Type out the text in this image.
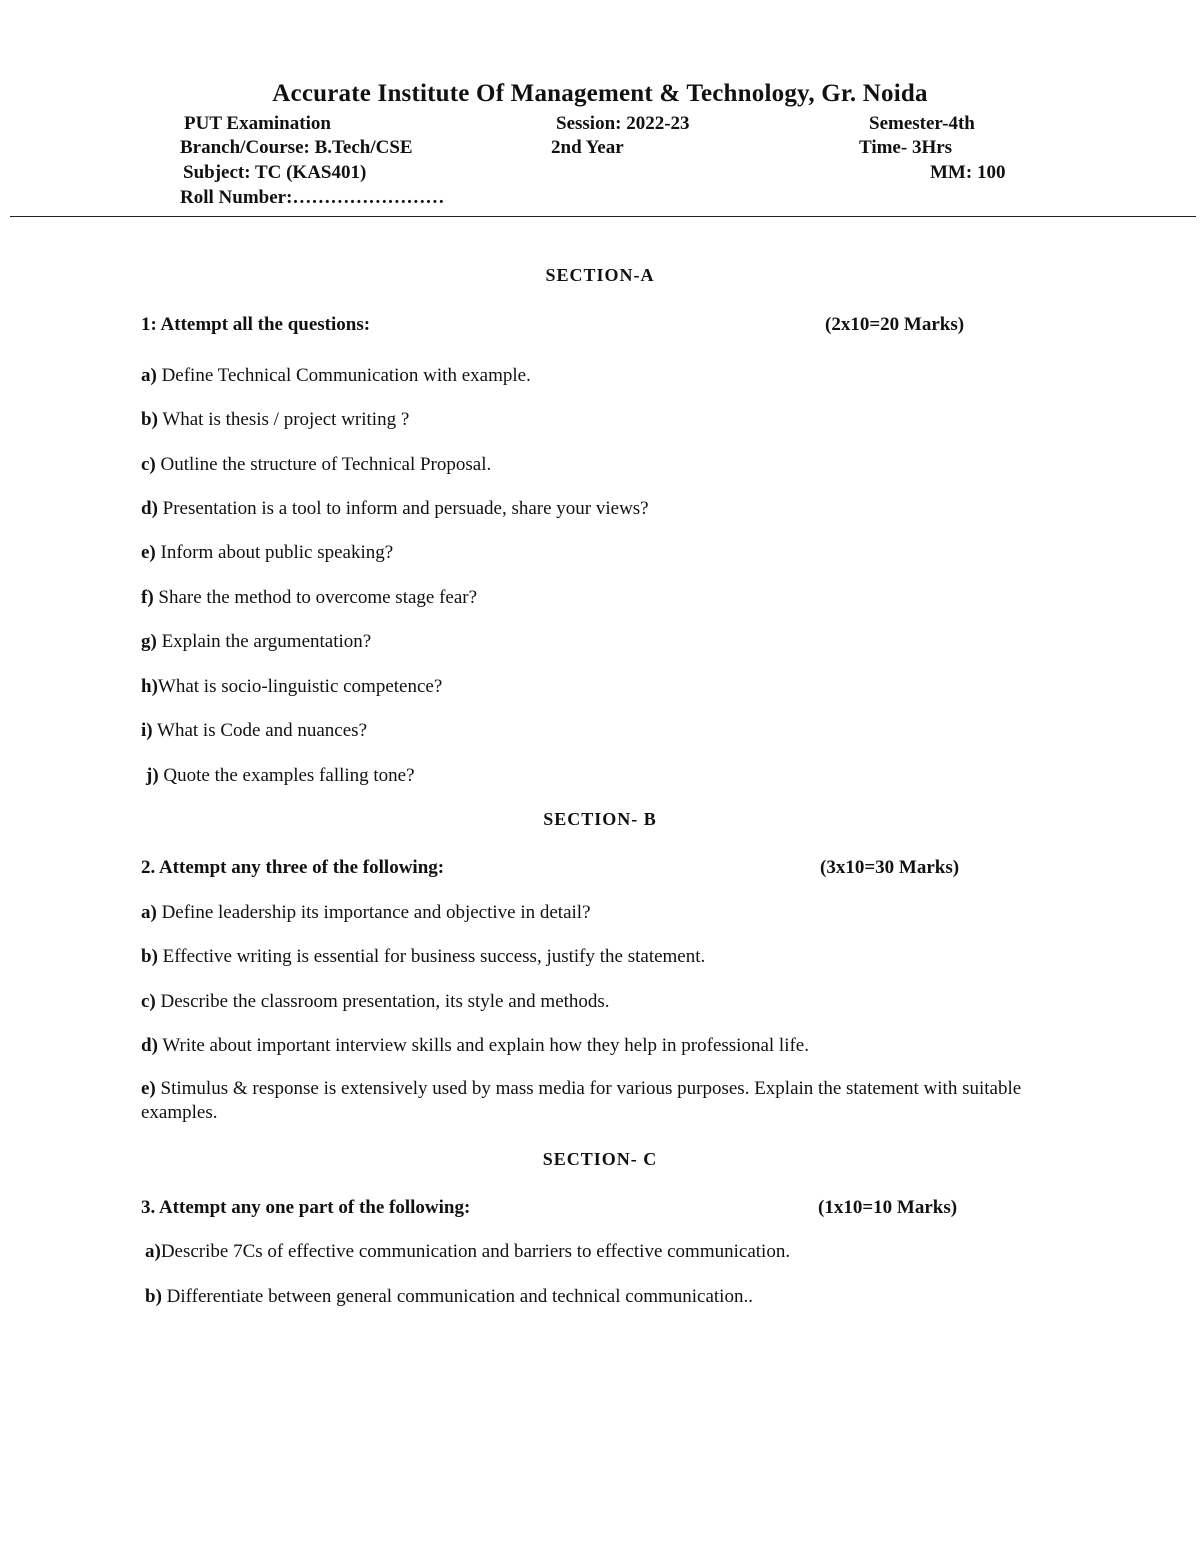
Accurate Institute Of Management & Technology, Gr. Noida
PUT Examination	Session: 2022-23	Semester-4th
Branch/Course: B.Tech/CSE	2nd Year	Time- 3Hrs
Subject: TC (KAS401)	MM: 100
Roll Number:……………………
SECTION-A
1: Attempt all the questions:	(2x10=20 Marks)
a) Define Technical Communication with example.
b) What is thesis / project writing ?
c) Outline the structure of Technical Proposal.
d) Presentation is a tool to inform and persuade, share your views?
e) Inform about public speaking?
f) Share the method to overcome stage fear?
g) Explain the argumentation?
h)What is socio-linguistic competence?
i) What is Code and nuances?
j) Quote the examples falling tone?
SECTION- B
2. Attempt any three of the following:	(3x10=30 Marks)
a) Define leadership its importance and objective in detail?
b) Effective writing is essential for business success, justify the statement.
c) Describe the classroom presentation, its style and methods.
d) Write about important interview skills and explain how they help in professional life.
e) Stimulus & response is extensively used by mass media for various purposes. Explain the statement with suitable examples.
SECTION- C
3. Attempt any one part of the following:	(1x10=10 Marks)
a)Describe 7Cs of effective communication and barriers to effective communication.
b) Differentiate between general communication and technical communication..
